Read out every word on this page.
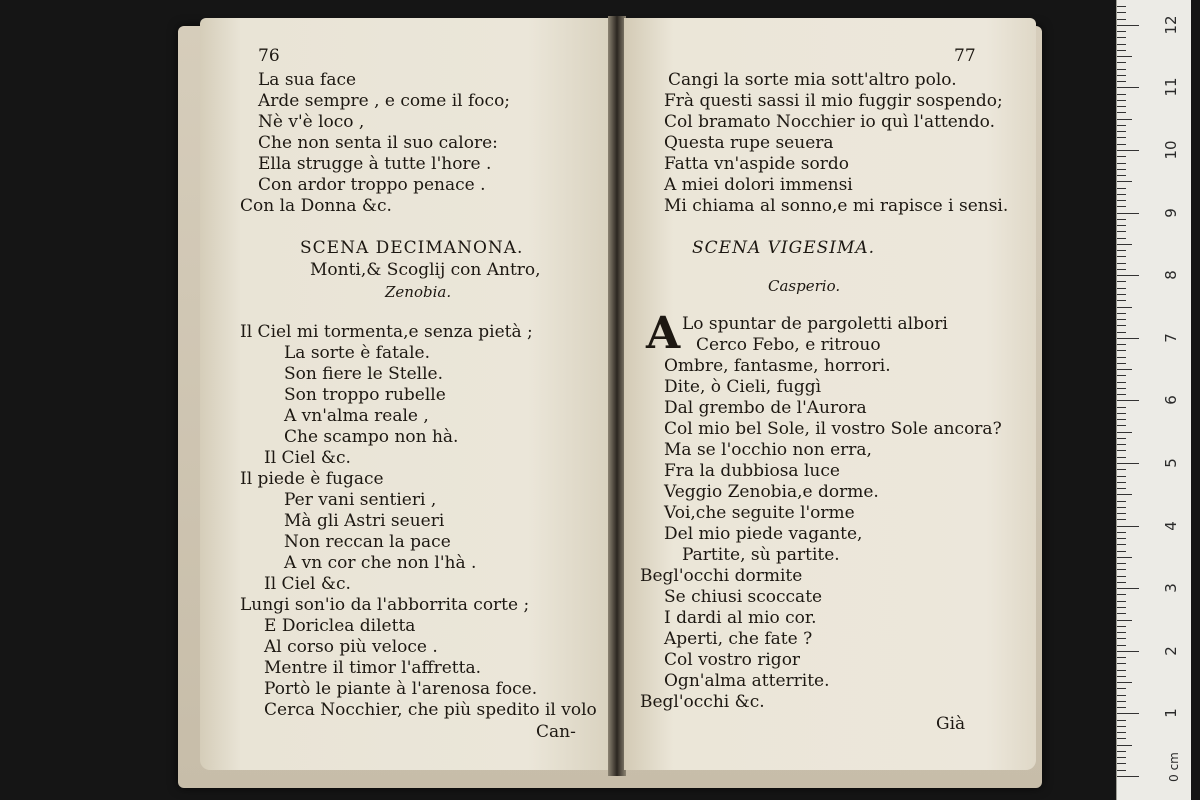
76
La sua face
Arde sempre , e come il foco;
Nè v'è loco ,
Che non senta il suo calore:
Ella strugge à tutte l'hore .
Con ardor troppo penace .
Con la Donna &c.
SCENA DECIMANONA.
Monti,& Scoglij con Antro,
Zenobia.
Il Ciel mi tormenta,e senza pietà ;
La sorte è fatale.
Son fiere le Stelle.
Son troppo rubelle
A vn'alma reale ,
Che scampo non hà.
Il Ciel &c.
Il piede è fugace
Per vani sentieri ,
Mà gli Astri seueri
Non reccan la pace
A vn cor che non l'hà .
Il Ciel &c.
Lungi son'io da l'abborrita corte ;
E Doriclea diletta
Al corso più veloce .
Mentre il timor l'affretta.
Portò le piante à l'arenosa foce.
Cerca Nocchier, che più spedito il volo
Can-
77
Cangi la sorte mia sott'altro polo.
Frà questi sassi il mio fuggir sospendo;
Col bramato Nocchier io quì l'attendo.
Questa rupe seuera
Fatta vn'aspide sordo
A miei dolori immensi
Mi chiama al sonno,e mi rapisce i sensi.
SCENA VIGESIMA.
Casperio.
A Lo spuntar de pargoletti albori
Cerco Febo, e ritrouo
Ombre, fantasme, horrori.
Dite, ò Cieli, fuggì
Dal grembo de l'Aurora
Col mio bel Sole, il vostro Sole ancora?
Ma se l'occhio non erra,
Fra la dubbiosa luce
Veggio Zenobia,e dorme.
Voi,che seguite l'orme
Del mio piede vagante,
Partite, sù partite.
Begl'occhi dormite
Se chiusi scoccate
I dardi al mio cor.
Aperti, che fate ?
Col vostro rigor
Ogn'alma atterrite.
Begl'occhi &c.
Già
0 cm
1
2
3
4
5
6
7
8
9
10
11
12
